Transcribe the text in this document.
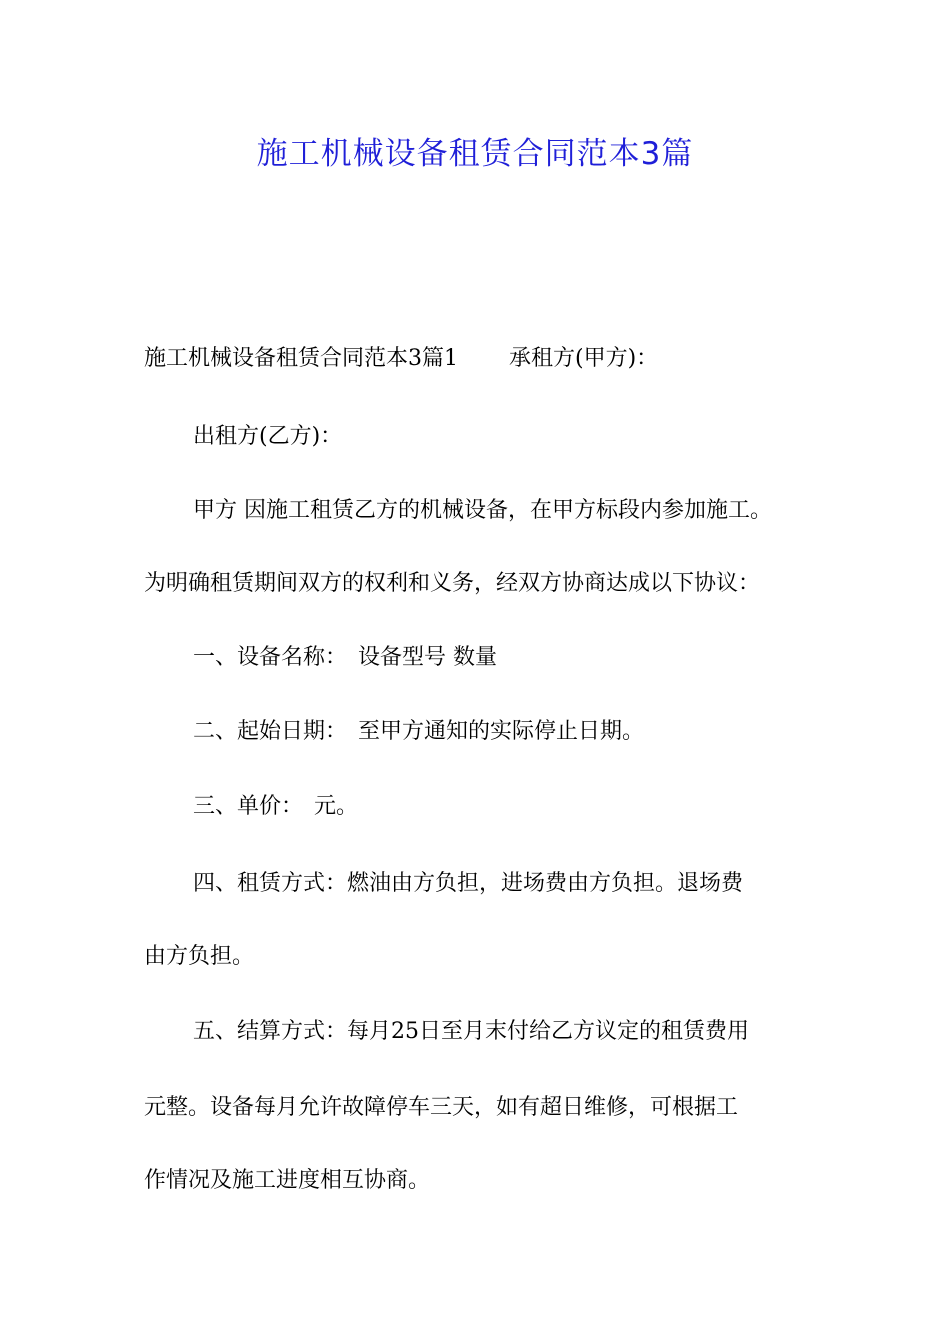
施工机械设备租赁合同范本3篇
施工机械设备租赁合同范本3篇1　　 承租方(甲方)：
出租方(乙方)：
甲方 因施工租赁乙方的机械设备，在甲方标段内参加施工。
为明确租赁期间双方的权利和义务，经双方协商达成以下协议：
一、设备名称：　设备型号 数量
二、起始日期：　至甲方通知的实际停止日期。
三、单价：　元。
四、租赁方式：燃油由方负担，进场费由方负担。退场费
由方负担。
五、结算方式：每月25日至月末付给乙方议定的租赁费用
元整。设备每月允许故障停车三天，如有超日维修，可根据工
作情况及施工进度相互协商。
